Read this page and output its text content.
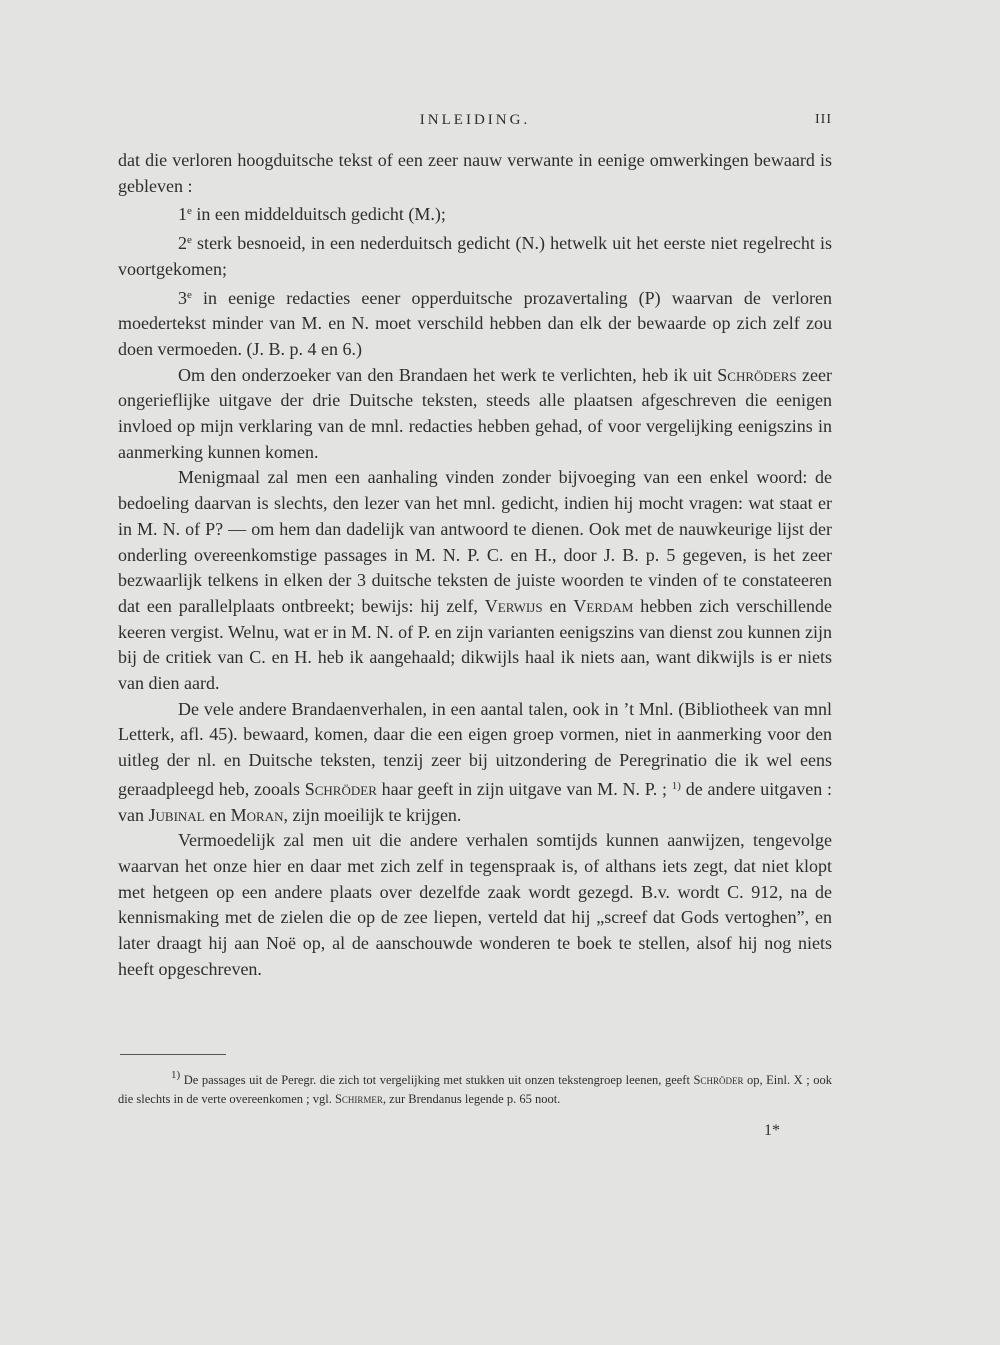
INLEIDING.	III

dat die verloren hoogduitsche tekst of een zeer nauw verwante in eenige omwerkingen bewaard is gebleven :

1e in een middelduitsch gedicht (M.);

2e sterk besnoeid, in een nederduitsch gedicht (N.) hetwelk uit het eerste niet regelrecht is voortgekomen;

3e in eenige redacties eener opperduitsche prozavertaling (P) waarvan de verloren moedertekst minder van M. en N. moet verschild hebben dan elk der bewaarde op zich zelf zou doen vermoeden. (J. B. p. 4 en 6.)

Om den onderzoeker van den Brandaen het werk te verlichten, heb ik uit Schröders zeer ongerieflijke uitgave der drie Duitsche teksten, steeds alle plaatsen afgeschreven die eenigen invloed op mijn verklaring van de mnl. redacties hebben gehad, of voor vergelijking eenigszins in aanmerking kunnen komen.

Menigmaal zal men een aanhaling vinden zonder bijvoeging van een enkel woord: de bedoeling daarvan is slechts, den lezer van het mnl. gedicht, indien hij mocht vragen: wat staat er in M. N. of P? — om hem dan dadelijk van antwoord te dienen. Ook met de nauwkeurige lijst der onderling overeenkomstige passages in M. N. P. C. en H., door J. B. p. 5 gegeven, is het zeer bezwaarlijk telkens in elken der 3 duitsche teksten de juiste woorden te vinden of te constateeren dat een parallelplaats ontbreekt; bewijs: hij zelf, Verwijs en Verdam hebben zich verschillende keeren vergist. Welnu, wat er in M. N. of P. en zijn varianten eenigszins van dienst zou kunnen zijn bij de critiek van C. en H. heb ik aangehaald; dikwijls haal ik niets aan, want dikwijls is er niets van dien aard.

De vele andere Brandaenverhalen, in een aantal talen, ook in ’t Mnl. (Bibliotheek van mnl Letterk, afl. 45). bewaard, komen, daar die een eigen groep vormen, niet in aanmerking voor den uitleg der nl. en Duitsche teksten, tenzij zeer bij uitzondering de Peregrinatio die ik wel eens geraadpleegd heb, zooals Schröder haar geeft in zijn uitgave van M. N. P. ; $^{1)}$ de andere uitgaven : van Jubinal en Moran, zijn moeilijk te krijgen.

Vermoedelijk zal men uit die andere verhalen somtijds kunnen aanwijzen, tengevolge waarvan het onze hier en daar met zich zelf in tegenspraak is, of althans iets zegt, dat niet klopt met hetgeen op een andere plaats over dezelfde zaak wordt gezegd. B.v. wordt C. 912, na de kennismaking met de zielen die op de zee liepen, verteld dat hij „screef dat Gods vertoghen”, en later draagt hij aan Noë op, al de aanschouwde wonderen te boek te stellen, alsof hij nog niets heeft opgeschreven.

1) De passages uit de Peregr. die zich tot vergelijking met stukken uit onzen tekstengroep leenen, geeft Schröder op, Einl. X ; ook die slechts in de verte overeenkomen ; vgl. Schirmer, zur Brendanus legende p. 65 noot.

1*
